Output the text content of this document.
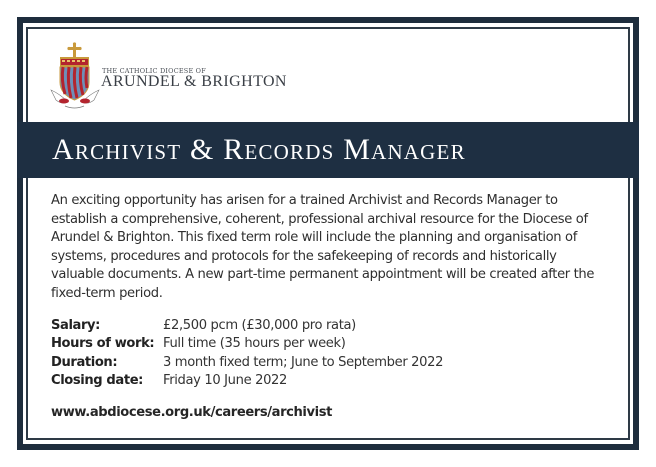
THE CATHOLIC DIOCESE OF
ARUNDEL & BRIGHTON
Archivist & Records Manager

An exciting opportunity has arisen for a trained Archivist and Records Manager to establish a comprehensive, coherent, professional archival resource for the Diocese of Arundel & Brighton. This fixed term role will include the planning and organisation of systems, procedures and protocols for the safekeeping of records and historically valuable documents. A new part-time permanent appointment will be created after the fixed-term period.

Salary:	£2,500 pcm (£30,000 pro rata)
Hours of work: Full time (35 hours per week)
Duration:	3 month fixed term; June to September 2022
Closing date:	Friday 10 June 2022
www.abdiocese.org.uk/careers/archivist
